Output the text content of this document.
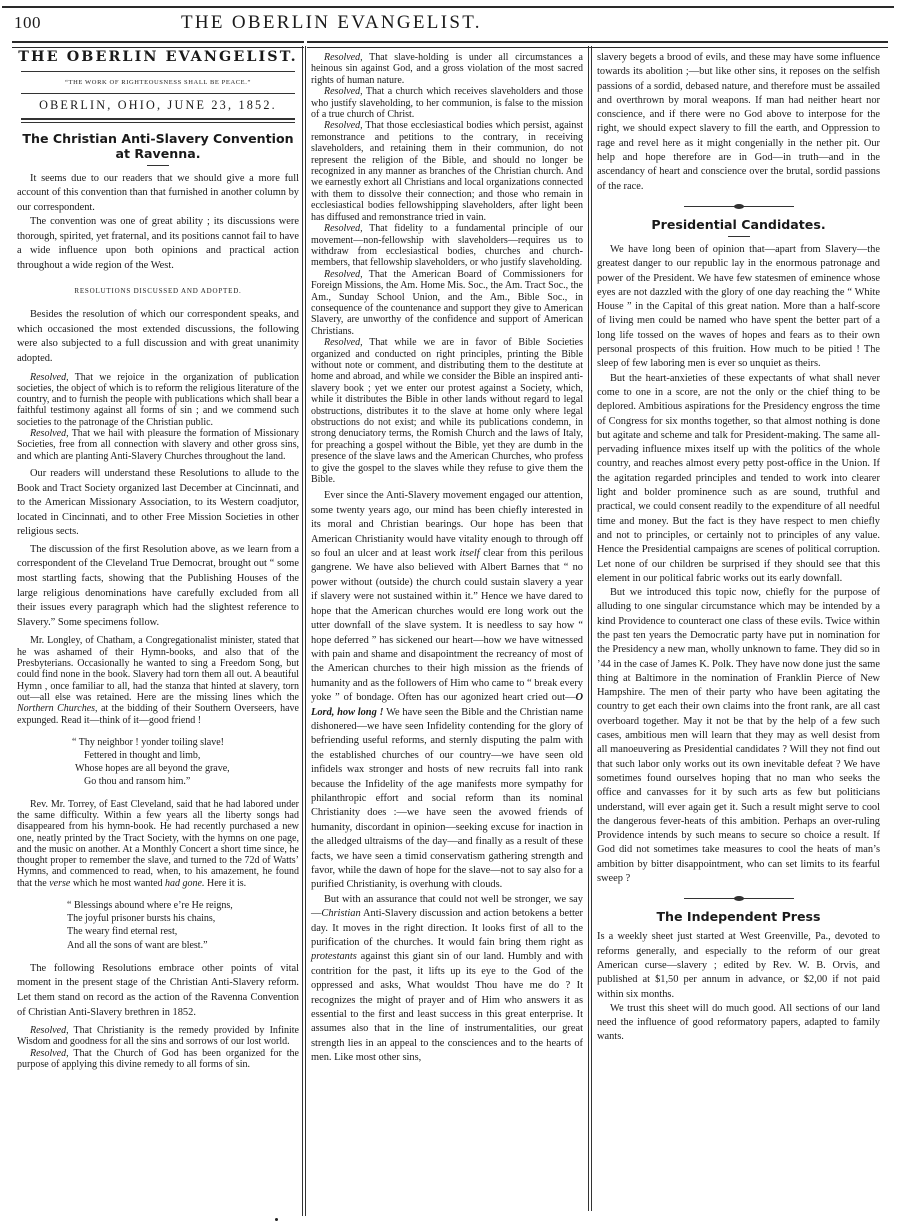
100	THE OBERLIN EVANGELIST.
THE OBERLIN EVANGELIST.
“THE WORK OF RIGHTEOUSNESS SHALL BE PEACE.”
OBERLIN, OHIO, JUNE 23, 1852.
The Christian Anti-Slavery Convention at Ravenna.

It seems due to our readers that we should give a more full account of this convention than that furnished in another column by our correspondent.

The convention was one of great ability ; its discussions were thorough, spirited, yet fraternal, and its positions cannot fail to have a wide influence upon both opinions and practical action throughout a wide region of the West.

RESOLUTIONS DISCUSSED AND ADOPTED.

Besides the resolution of which our correspondent speaks, and which occasioned the most extended discussions, the following were also subjected to a full discussion and with great unanimity adopted.

Resolved, That we rejoice in the organization of publication societies, the object of which is to reform the religious literature of the country, and to furnish the people with publications which shall bear a faithful testimony against all forms of sin ; and we commend such societies to the patronage of the Christian public.

Resolved, That we hail with pleasure the formation of Missionary Societies, free from all connection with slavery and other gross sins, and which are planting Anti-Slavery Churches throughout the land.

Our readers will understand these Resolutions to allude to the Book and Tract Society organized last December at Cincinnati, and to the American Missionary Association, to its Western coadjutor, located in Cincinnati, and to other Free Mission Societies in other religious sects.

The discussion of the first Resolution above, as we learn from a correspondent of the Cleveland True Democrat, brought out “ some most startling facts, showing that the Publishing Houses of the large religious denominations have carefully excluded from all their issues every paragraph which had the slightest reference to Slavery.” Some specimens follow.

Mr. Longley, of Chatham, a Congregationalist minister, stated that he was ashamed of their Hymn-books, and also that of the Presbyterians. Occasionally he wanted to sing a Freedom Song, but could find none in the book. Slavery had torn them all out. A beautiful Hymn , once familiar to all, had the stanza that hinted at slavery, torn out—all else was retained. Here are the missing lines which the Northern Churches, at the bidding of their Southern Overseers, have expunged. Read it—think of it—good friend !

“ Thy neighbor ! yonder toiling slave!
Fettered in thought and limb,
Whose hopes are all beyond the grave,
Go thou and ransom him.”

Rev. Mr. Torrey, of East Cleveland, said that he had labored under the same difficulty. Within a few years all the liberty songs had disappeared from his hymn-book. He had recently purchased a new one, neatly printed by the Tract Society, with the hymns on one page, and the music on another. At a Monthly Concert a short time since, he thought proper to remember the slave, and turned to the 72d of Watts’ Hymns, and commenced to read, when, to his amazement, he found that the verse which he most wanted had gone. Here it is.

“ Blessings abound where e’re He reigns,
The joyful prisoner bursts his chains,
The weary find eternal rest,
And all the sons of want are blest.”

The following Resolutions embrace other points of vital moment in the present stage of the Christian Anti-Slavery reform. Let them stand on record as the action of the Ravenna Convention of Christian Anti-Slavery brethren in 1852.

Resolved, That Christianity is the remedy provided by Infinite Wisdom and goodness for all the sins and sorrows of our lost world.

Resolved, That the Church of God has been organized for the purpose of applying this divine remedy to all forms of sin.

Resolved, That slave-holding is under all circumstances a heinous sin against God, and a gross violation of the most sacred rights of human nature.

Resolved, That a church which receives slaveholders and those who justify slaveholding, to her communion, is false to the mission of a true church of Christ.

Resolved, That those ecclesiastical bodies which persist, against remonstrance and petitions to the contrary, in receiving slaveholders, and retaining them in their communion, do not represent the religion of the Bible, and should no longer be recognized in any manner as branches of the Christian church. And we earnestly exhort all Christians and local organizations connected with them to dissolve their connection; and those who remain in ecclesiastical bodies fellowshipping slaveholders, after light been has diffused and remonstrance tried in vain.

Resolved, That fidelity to a fundamental principle of our movement—non-fellowship with slaveholders—requires us to withdraw from ecclesiastical bodies, churches and church-members, that fellowship slaveholders, or who justify slaveholding.

Resolved, That the American Board of Commissioners for Foreign Missions, the Am. Home Mis. Soc., the Am. Tract Soc., the Am., Sunday School Union, and the Am., Bible Soc., in consequence of the countenance and support they give to American Slavery, are unworthy of the confidence and support of American Christians.

Resolved, That while we are in favor of Bible Societies organized and conducted on right principles, printing the Bible without note or comment, and distributing them to the destitute at home and abroad, and while we consider the Bible an inspired anti-slavery book ; yet we enter our protest against a Society, which, while it distributes the Bible in other lands without regard to legal obstructions, distributes it to the slave at home only where legal obstructions do not exist; and while its publications condemn, in strong denuciatory terms, the Romish Church and the laws of Italy, for preaching a gospel without the Bible, yet they are dumb in the presence of the slave laws and the American Churches, who profess to give the gospel to the slaves while they refuse to give them the Bible.

Ever since the Anti-Slavery movement engaged our attention, some twenty years ago, our mind has been chiefly interested in its moral and Christian bearings. Our hope has been that American Christianity would have vitality enough to through off so foul an ulcer and at least work itself clear from this perilous gangrene. We have also believed with Albert Barnes that “ no power without (outside) the church could sustain slavery a year if slavery were not sustained within it.” Hence we have dared to hope that the American churches would ere long work out the utter downfall of the slave system. It is needless to say how “ hope deferred ” has sickened our heart—how we have witnessed with pain and shame and disapointment the recreancy of most of the American churches to their high mission as the friends of humanity and as the followers of Him who came to “ break every yoke ” of bondage. Often has our agonized heart cried out—O Lord, how long ! We have seen the Bible and the Christian name dishonered—we have seen Infidelity contending for the glory of befriending useful reforms, and sternly disputing the palm with the established churches of our country—we have seen old infidels wax stronger and hosts of new recruits fall into rank because the Infidelity of the age manifests more sympathy for philanthropic effort and social reform than its nominal Christianity does :—we have seen the avowed friends of humanity, discordant in opinion—seeking excuse for inaction in the alledged ultraisms of the day—and finally as a result of these facts, we have seen a timid conservatism gathering strength and favor, while the dawn of hope for the slave—not to say also for a purified Christianity, is overhung with clouds.

But with an assurance that could not well be stronger, we say—Christian Anti-Slavery discussion and action betokens a better day. It moves in the right direction. It looks first of all to the purification of the churches. It would fain bring them right as protestants against this giant sin of our land. Humbly and with contrition for the past, it lifts up its eye to the God of the oppressed and asks, What wouldst Thou have me do ? It recognizes the might of prayer and of Him who answers it as essential to the first and least success in this great enterprise. It assumes also that in the line of instrumentalities, our great strength lies in an appeal to the consciences and to the hearts of men. Like most other sins,

slavery begets a brood of evils, and these may have some influence towards its abolition ;—but like other sins, it reposes on the selfish passions of a sordid, debased nature, and therefore must be assailed and overthrown by moral weapons. If man had neither heart nor conscience, and if there were no God above to interpose for the right, we should expect slavery to fill the earth, and Oppression to rage and revel here as it might congenially in the nether pit. Our help and hope therefore are in God—in truth—and in the ascendancy of heart and conscience over the brutal, sordid passions of the race.

Presidential Candidates.

We have long been of opinion that—apart from Slavery—the greatest danger to our republic lay in the enormous patronage and power of the President. We have few statesmen of eminence whose eyes are not dazzled with the glory of one day reaching the “ White House ” in the Capital of this great nation. More than a half-score of living men could be named who have spent the better part of a long life tossed on the waves of hopes and fears as to their own personal prospects of this fruition. How much to be pitied ! The sleep of few laboring men is ever so unquiet as theirs.

But the heart-anxieties of these expectants of what shall never come to one in a score, are not the only or the chief thing to be deplored. Ambitious aspirations for the Presidency engross the time of Congress for six months together, so that almost nothing is done but agitate and scheme and talk for President-making. The same all-pervading influence mixes itself up with the politics of the whole country, and reaches almost every petty post-office in the Union. If the agitation regarded principles and tended to work into clearer light and bolder prominence such as are sound, truthful and practical, we could consent readily to the expenditure of all needful time and money. But the fact is they have respect to men chiefly and not to principles, or certainly not to principles of any value. Hence the Presidential campaigns are scenes of political corruption. Let none of our children be surprised if they should see that this element in our political fabric works out its early downfall.

But we introduced this topic now, chiefly for the purpose of alluding to one singular circumstance which may be intended by a kind Providence to counteract one class of these evils. Twice within the past ten years the Democratic party have put in nomination for the Presidency a new man, wholly unknown to fame. They did so in ’44 in the case of James K. Polk. They have now done just the same thing at Baltimore in the nomination of Franklin Pierce of New Hampshire. The men of their party who have been agitating the country to get each their own claims into the front rank, are all cast overboard together. May it not be that by the help of a few such cases, ambitious men will learn that they may as well desist from all manoeuvering as Presidential candidates ? Will they not find out that such labor only works out its own inevitable defeat ? We have sometimes found ourselves hoping that no man who seeks the office and canvasses for it by such arts as few but politicians understand, will ever again get it. Such a result might serve to cool the dangerous fever-heats of this ambition. Perhaps an over-ruling Providence intends by such means to secure so choice a result. If God did not sometimes take measures to cool the heats of man’s ambition by bitter disappointment, who can set limits to its fearful sweep ?

The Independent Press

Is a weekly sheet just started at West Greenville, Pa., devoted to reforms generally, and especially to the reform of our great American curse—slavery ; edited by Rev. W. B. Orvis, and published at $1,50 per annum in advance, or $2,00 if not paid within six months.

We trust this sheet will do much good. All sections of our land need the influence of good reformatory papers, adapted to family wants.
